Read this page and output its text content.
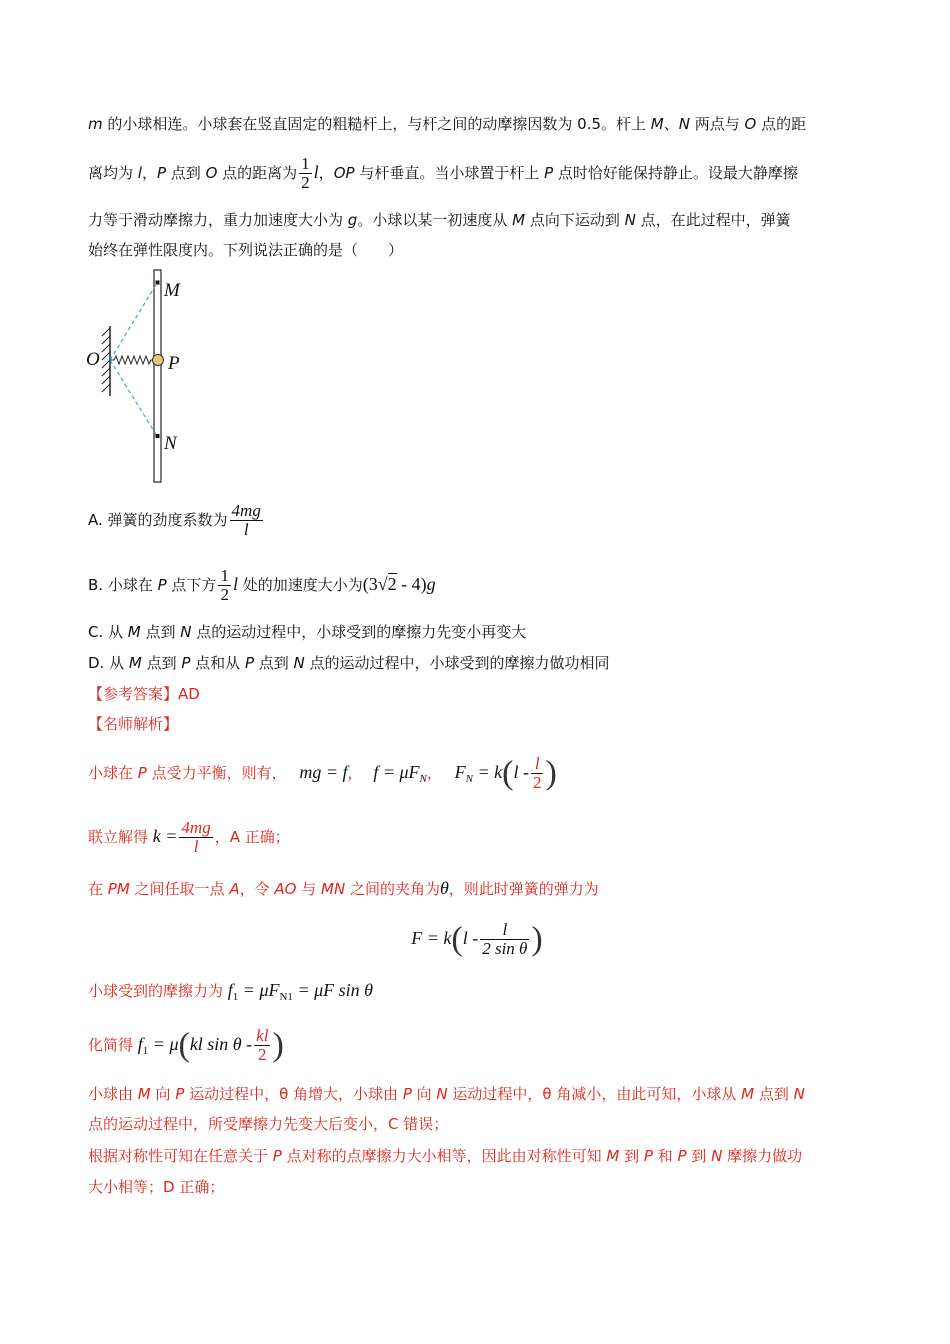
m 的小球相连。小球套在竖直固定的粗糙杆上，与杆之间的动摩擦因数为 0.5。杆上 M、N 两点与 O 点的距
离均为 l，P 点到 O 点的距离为 $\frac{1}{2}$ l，OP 与杆垂直。当小球置于杆上 P 点时恰好能保持静止。设最大静摩擦
力等于滑动摩擦力，重力加速度大小为 g。小球以某一初速度从 M 点向下运动到 N 点，在此过程中，弹簧
始终在弹性限度内。下列说法正确的是（　　）
M
P
O
N
A. 弹簧的劲度系数为 $\frac{4mg}{l}$
B. 小球在 P 点下方 $\frac{1}{2}$ l 处的加速度大小为(3√2 - 4)g
C. 从 M 点到 N 点的运动过程中，小球受到的摩擦力先变小再变大
D. 从 M 点到 P 点和从 P 点到 N 点的运动过程中，小球受到的摩擦力做功相同
【参考答案】AD
【名师解析】
小球在 P 点受力平衡，则有， mg = f， $f = \mu F_N$， $F_N = k(l - \frac{l}{2}$ )
联立解得 $k = \frac{4mg}{l}$ ，A 正确；
在 PM 之间任取一点 A，令 AO 与 MN 之间的夹角为θ，则此时弹簧的弹力为
$F = k(l - \frac{l}{\text{2 sin θ}}$ )
小球受到的摩擦力为 $f_1 = \mu F_{N1} = \mu F$ sin θ
化简得 $f_1 = \mu(kl$ sin θ - $\frac{kl}{2}$ )
小球由 M 向 P 运动过程中，θ 角增大，小球由 P 向 N 运动过程中，θ 角减小，由此可知，小球从 M 点到 N
点的运动过程中，所受摩擦力先变大后变小，C 错误；
根据对称性可知在任意关于 P 点对称的点摩擦力大小相等，因此由对称性可知 M 到 P 和 P 到 N 摩擦力做功
大小相等；D 正确；
